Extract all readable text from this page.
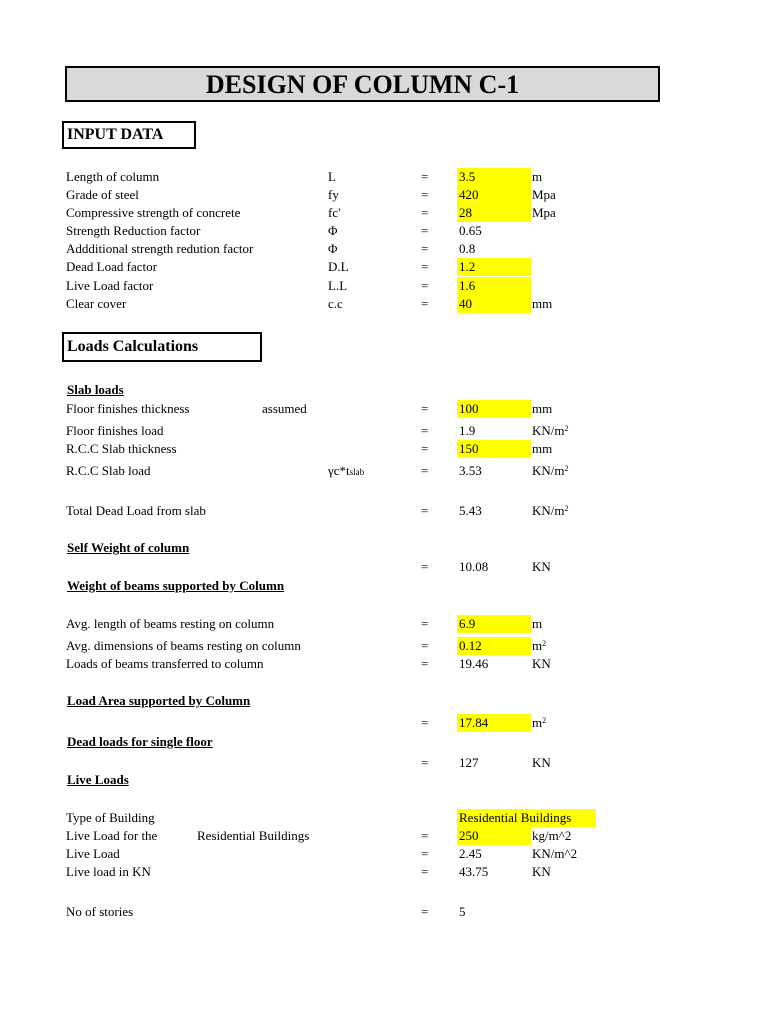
DESIGN OF COLUMN C-1
INPUT DATA
Length of column	L	= 3.5	m
Grade of steel	fy	= 420	Mpa
Compressive strength of concrete	fc'	= 28	Mpa
Strength Reduction factor	Φ	= 0.65
Addditional strength redution factor	Φ	= 0.8
Dead Load factor	D.L	= 1.2
Live Load factor	L.L	= 1.6
Clear cover	c.c	= 40	mm
Loads Calculations
Slab loads
Floor finishes thickness	assumed	= 100	mm
Floor finishes load	= 1.9	$KN/m^2$
R.C.C Slab thickness	= 150	mm
R.C.C Slab load	γc*tslab	= 3.53	$KN/m^2$
Total Dead Load from slab	= 5.43	$KN/m^2$
Self Weight of column
= 10.08	KN
Weight of beams supported by Column
Avg. length of beams resting on column	= 6.9	m
Avg. dimensions of beams resting on column	= 0.12	$m^2$
Loads of beams transferred to column	= 19.46	KN
Load Area supported by Column
= 17.84	$m^2$
Dead loads for single floor
= 127	KN
Live Loads
Type of Building	Residential Buildings
Live Load for the	Residential Buildings	= 250	kg/m^2
Live Load	= 2.45	KN/m^2
Live load in KN	= 43.75	KN
No of stories	= 5
